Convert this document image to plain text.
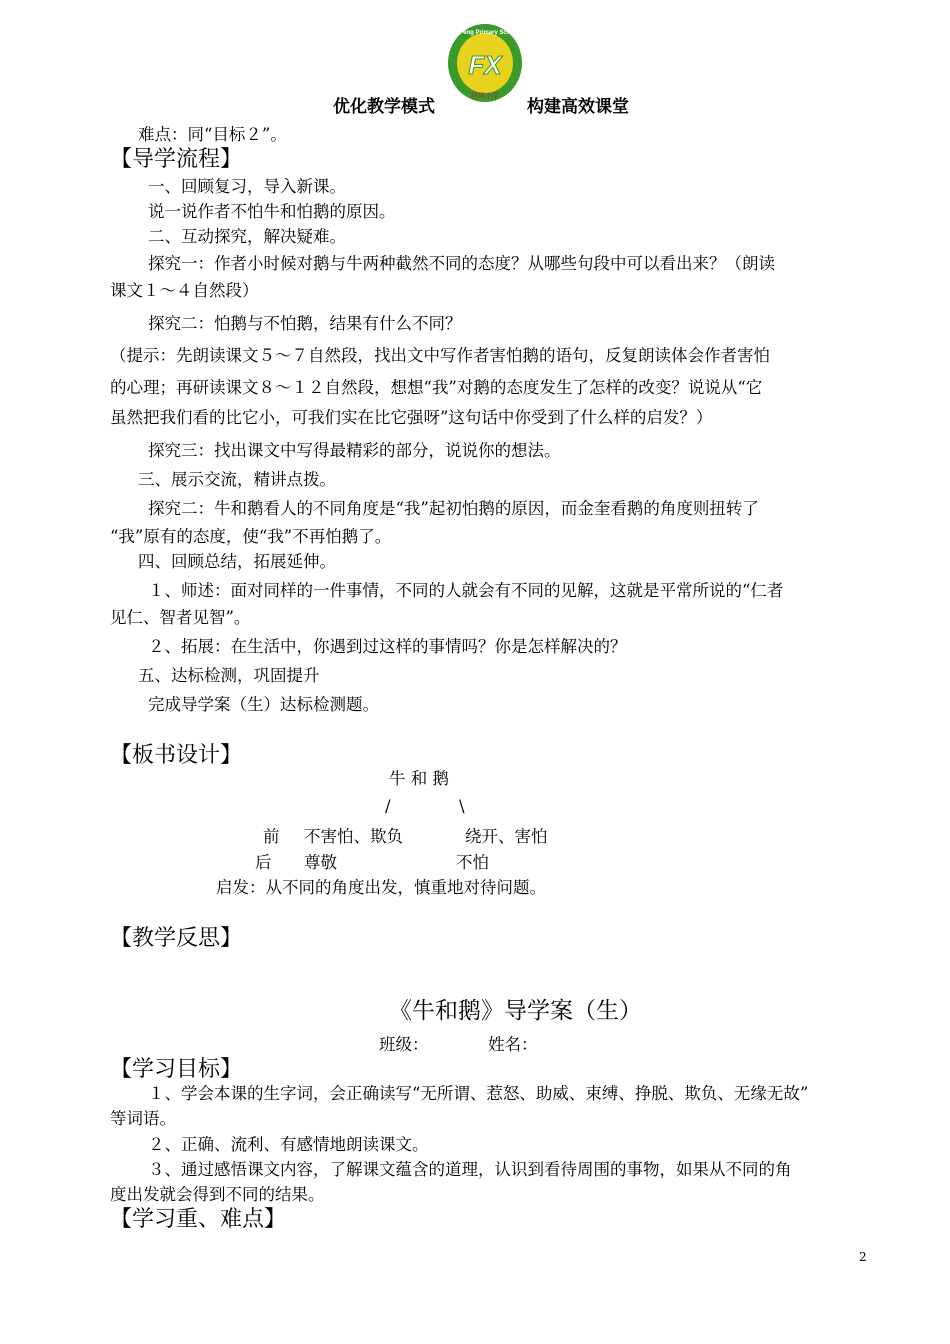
Fu Feng Primary School
FX
扶风小学
优化教学模式	构建高效课堂
难点：同“目标２”。
【导学流程】
一、回顾复习，导入新课。
说一说作者不怕牛和怕鹅的原因。
二、互动探究，解决疑难。
探究一：作者小时候对鹅与牛两种截然不同的态度？从哪些句段中可以看出来？（朗读
课文１～４自然段）
探究二：怕鹅与不怕鹅，结果有什么不同？
（提示：先朗读课文５～７自然段，找出文中写作者害怕鹅的语句，反复朗读体会作者害怕
的心理；再研读课文８～１２自然段，想想“我”对鹅的态度发生了怎样的改变？说说从“它
虽然把我们看的比它小，可我们实在比它强呀”这句话中你受到了什么样的启发？）
探究三：找出课文中写得最精彩的部分，说说你的想法。
三、展示交流，精讲点拨。
探究二：牛和鹅看人的不同角度是“我”起初怕鹅的原因，而金奎看鹅的角度则扭转了
“我”原有的态度，使“我”不再怕鹅了。
四、回顾总结，拓展延伸。
１、师述：面对同样的一件事情，不同的人就会有不同的见解，这就是平常所说的“仁者
见仁、智者见智”。
２、拓展：在生活中，你遇到过这样的事情吗？你是怎样解决的？
五、达标检测，巩固提升
完成导学案（生）达标检测题。
【板书设计】
牛 和 鹅
/	\
前 不害怕、欺负	绕开、害怕
后 尊敬	不怕
启发：从不同的角度出发，慎重地对待问题。
【教学反思】
《牛和鹅》导学案（生）
班级：	姓名：
【学习目标】
１、学会本课的生字词，会正确读写“无所谓、惹怒、助威、束缚、挣脱、欺负、无缘无故”
等词语。
２、正确、流利、有感情地朗读课文。
３、通过感悟课文内容，了解课文蕴含的道理，认识到看待周围的事物，如果从不同的角
度出发就会得到不同的结果。
【学习重、难点】
2
